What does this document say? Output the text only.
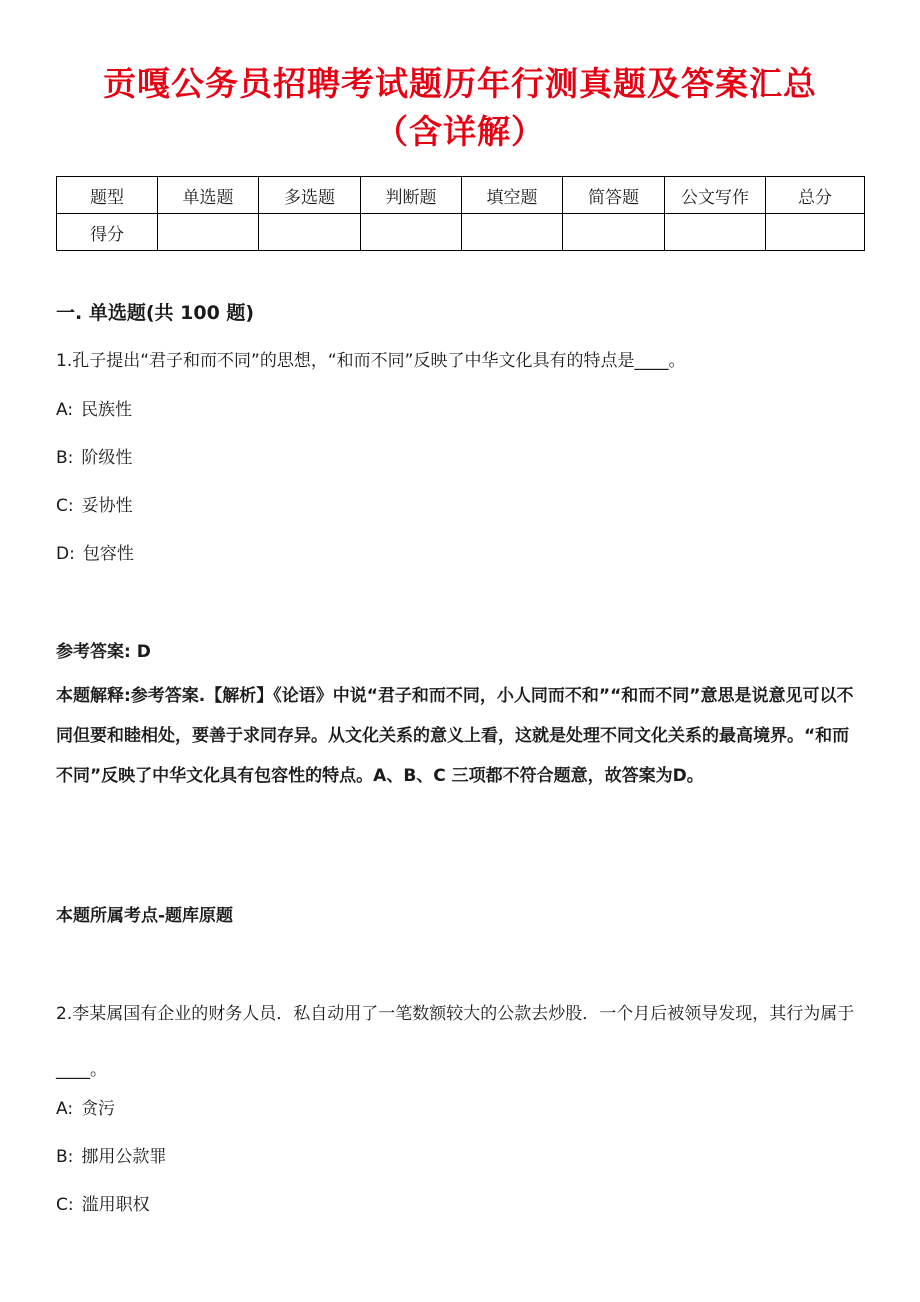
贡嘎公务员招聘考试题历年行测真题及答案汇总
（含详解）
题型	单选题	多选题	判断题	填空题	简答题	公文写作	总分
得分							

一. 单选题(共 100 题)

1.孔子提出“君子和而不同”的思想，“和而不同”反映了中华文化具有的特点是____。

A: 民族性

B: 阶级性

C: 妥协性

D: 包容性

参考答案: D

本题解释:参考答案.【解析】《论语》中说“君子和而不同，小人同而不和”“和而不同”意思是说意见可以不同但要和睦相处，要善于求同存异。从文化关系的意义上看，这就是处理不同文化关系的最高境界。“和而不同”反映了中华文化具有包容性的特点。A、B、C 三项都不符合题意，故答案为D。

本题所属考点-题库原题

2.李某属国有企业的财务人员．私自动用了一笔数额较大的公款去炒股．一个月后被领导发现，其行为属于____。

A: 贪污

B: 挪用公款罪

C: 滥用职权
